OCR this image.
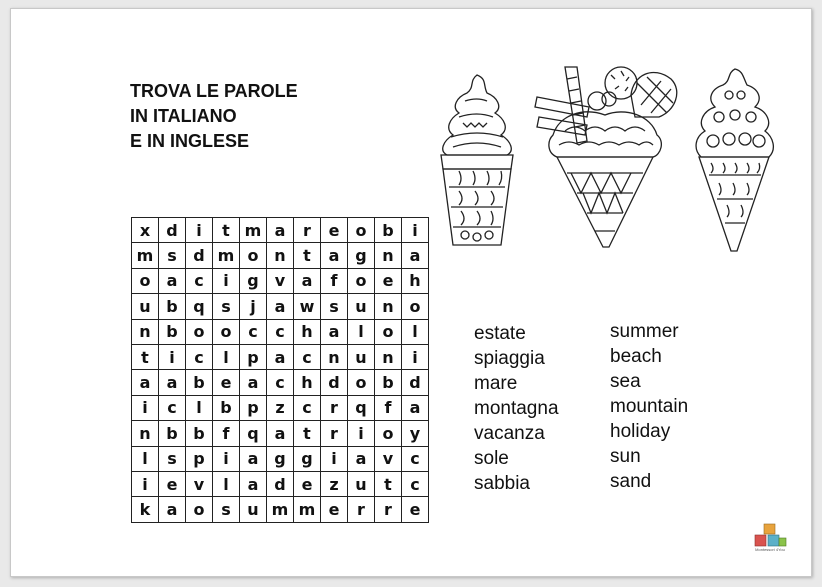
TROVA LE PAROLE
IN ITALIANO
E IN INGLESE
x	d	i	t m a	r	e	o b	i
m s	d m o n	t	a g n a
o	a	c	i	g	v	a	f	o	e h
u b q	s	j	a w s	u n o
n b o	o	c	c	h a	l	o	l
t	i	c	l	p a	c	n u n	i
a	a b e	a	c	h d o b d
i	c	l	b p	z	c	r	q	f	a
n b b	f	q a	t	r	i	o	y
l	s	p	i	a g g	i	a	v	c
i	e	v	l	a d e	z	u	t	c
k	a	o	s	u m m e	r	r	e
estate
spiaggia
mare
montagna
vacanza
sole
sabbia
summer
beach
sea
mountain
holiday
sun
sand
Montessori 4You
